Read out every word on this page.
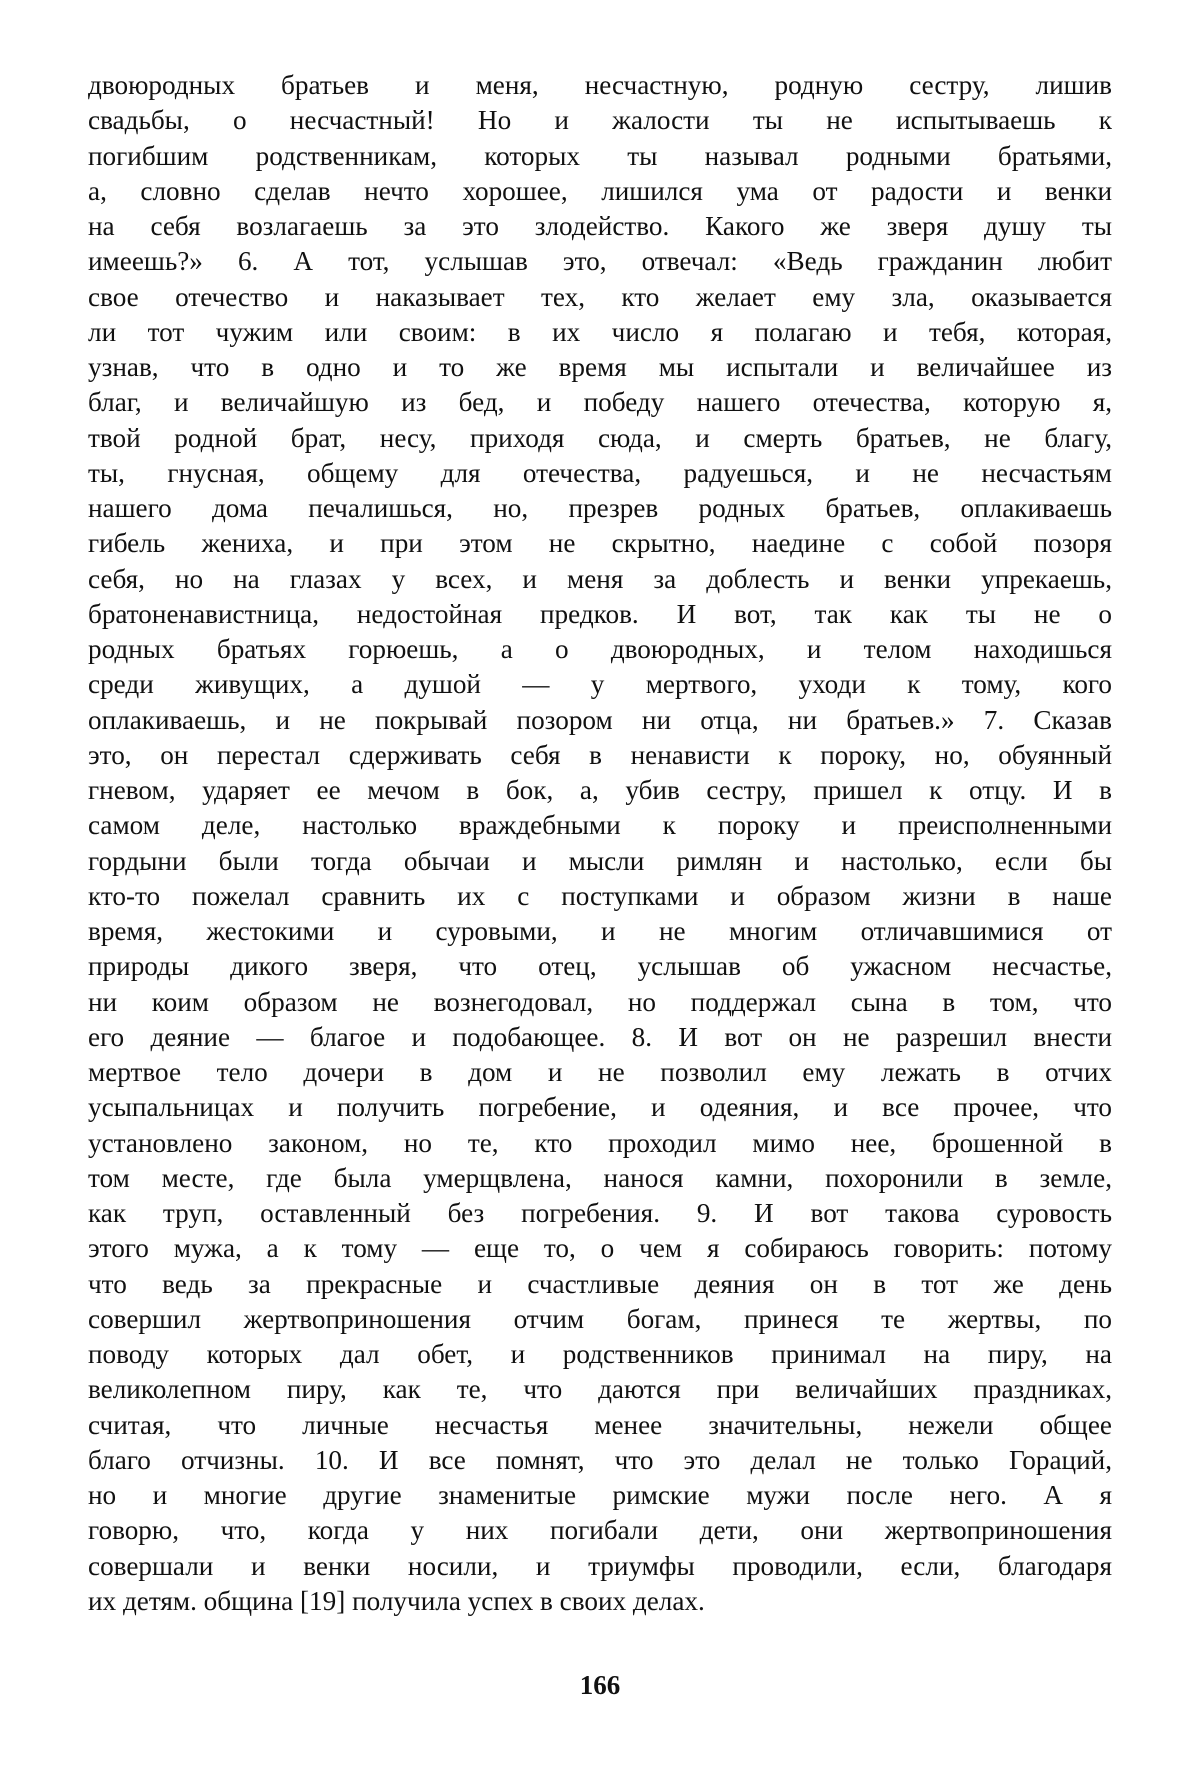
двоюродных братьев и меня, несчастную, родную сестру, лишив
свадьбы, о несчастный! Но и жалости ты не испытываешь к
погибшим родственникам, которых ты называл родными братьями,
а, словно сделав нечто хорошее, лишился ума от радости и венки
на себя возлагаешь за это злодейство. Какого же зверя душу ты
имеешь?» 6. А тот, услышав это, отвечал: «Ведь гражданин любит
свое отечество и наказывает тех, кто желает ему зла, оказывается
ли тот чужим или своим: в их число я полагаю и тебя, которая,
узнав, что в одно и то же время мы испытали и величайшее из
благ, и величайшую из бед, и победу нашего отечества, которую я,
твой родной брат, несу, приходя сюда, и смерть братьев, не благу,
ты, гнусная, общему для отечества, радуешься, и не несчастьям
нашего дома печалишься, но, презрев родных братьев, оплакиваешь
гибель жениха, и при этом не скрытно, наедине с собой позоря
себя, но на глазах у всех, и меня за доблесть и венки упрекаешь,
братоненавистница, недостойная предков. И вот, так как ты не о
родных братьях горюешь, а о двоюродных, и телом находишься
среди живущих, а душой — у мертвого, уходи к тому, кого
оплакиваешь, и не покрывай позором ни отца, ни братьев.» 7. Сказав
это, он перестал сдерживать себя в ненависти к пороку, но, обуянный
гневом, ударяет ее мечом в бок, а, убив сестру, пришел к отцу. И в
самом деле, настолько враждебными к пороку и преисполненными
гордыни были тогда обычаи и мысли римлян и настолько, если бы
кто-то пожелал сравнить их с поступками и образом жизни в наше
время, жестокими и суровыми, и не многим отличавшимися от
природы дикого зверя, что отец, услышав об ужасном несчастье,
ни коим образом не вознегодовал, но поддержал сына в том, что
его деяние — благое и подобающее. 8. И вот он не разрешил внести
мертвое тело дочери в дом и не позволил ему лежать в отчих
усыпальницах и получить погребение, и одеяния, и все прочее, что
установлено законом, но те, кто проходил мимо нее, брошенной в
том месте, где была умерщвлена, нанося камни, похоронили в земле,
как труп, оставленный без погребения. 9. И вот такова суровость
этого мужа, а к тому — еще то, о чем я собираюсь говорить: потому
что ведь за прекрасные и счастливые деяния он в тот же день
совершил жертвоприношения отчим богам, принеся те жертвы, по
поводу которых дал обет, и родственников принимал на пиру, на
великолепном пиру, как те, что даются при величайших праздниках,
считая, что личные несчастья менее значительны, нежели общее
благо отчизны. 10. И все помнят, что это делал не только Гораций,
но и многие другие знаменитые римские мужи после него. А я
говорю, что, когда у них погибали дети, они жертвоприношения
совершали и венки носили, и триумфы проводили, если, благодаря
их детям. община [19] получила успех в своих делах.
166
